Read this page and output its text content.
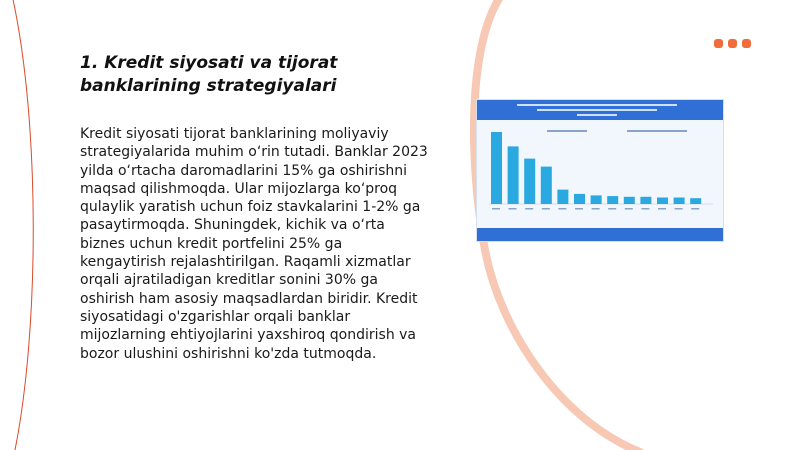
1. Kredit siyosati va tijorat banklarining strategiyalari

Kredit siyosati tijorat banklarining moliyaviy strategiyalarida muhim o‘rin tutadi. Banklar 2023 yilda o‘rtacha daromadlarini 15% ga oshirishni maqsad qilishmoqda. Ular mijozlarga ko‘proq qulaylik yaratish uchun foiz stavkalarini 1-2% ga pasaytirmoqda. Shuningdek, kichik va o‘rta biznes uchun kredit portfelini 25% ga kengaytirish rejalashtirilgan. Raqamli xizmatlar orqali ajratiladigan kreditlar sonini 30% ga oshirish ham asosiy maqsadlardan biridir. Kredit siyosatidagi o'zgarishlar orqali banklar mijozlarning ehtiyojlarini yaxshiroq qondirish va bozor ulushini oshirishni ko'zda tutmoqda.
